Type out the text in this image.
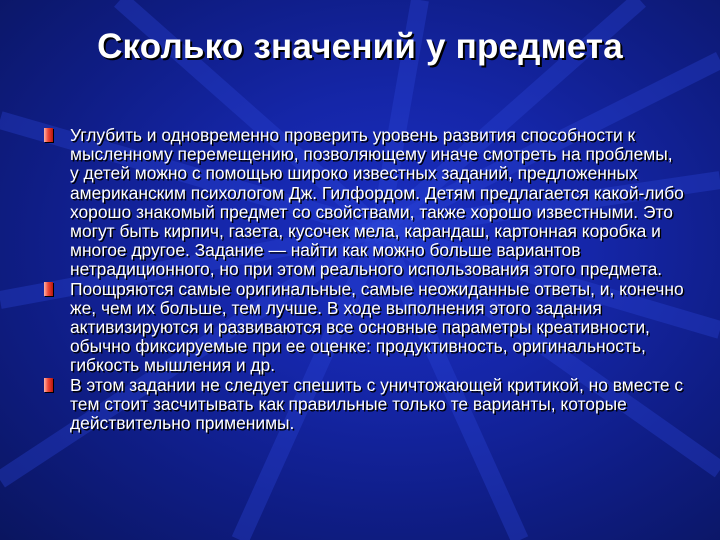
Сколько значений у предмета
Углубить и одновременно проверить уровень развития способности к мысленному перемещению, позволяющему иначе смотреть на проблемы, у детей можно с помощью широко известных заданий, предложенных американским психологом Дж. Гилфордом. Детям предлагается какой-либо хорошо знакомый предмет со свойствами, также хорошо известными. Это могут быть кирпич, газета, кусочек мела, карандаш, картонная коробка и многое другое. Задание — найти как можно больше вариантов нетрадиционного, но при этом реального использования этого предмета.
Поощряются самые оригинальные, самые неожиданные ответы, и, конечно же, чем их больше, тем лучше. В ходе выполнения этого задания активизируются и развиваются все основные параметры креативности, обычно фиксируемые при ее оценке: продуктивность, оригинальность, гибкость мышления и др.
В этом задании не следует спешить с уничтожающей критикой, но вместе с тем стоит засчитывать как правильные только те варианты, которые действительно применимы.
